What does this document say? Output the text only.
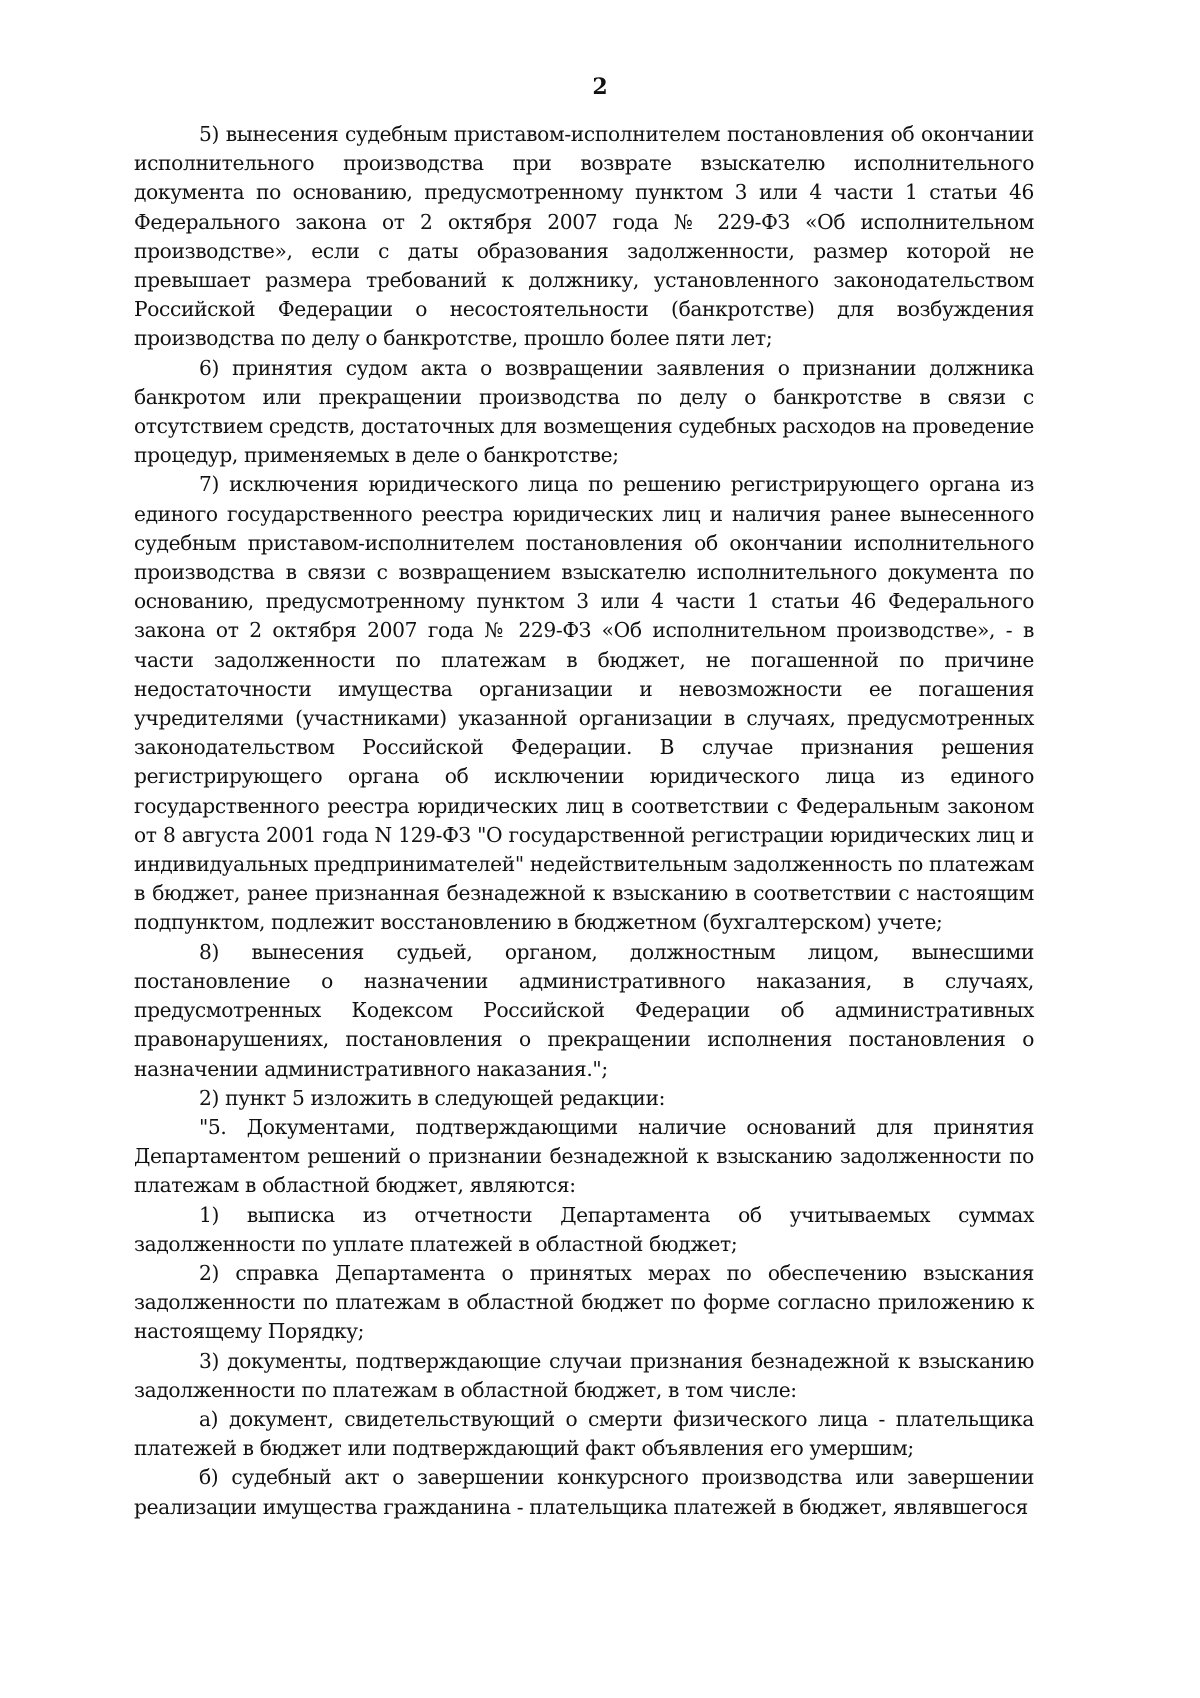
2

5) вынесения судебным приставом-исполнителем постановления об окончании исполнительного производства при возврате взыскателю исполнительного документа по основанию, предусмотренному пунктом 3 или 4 части 1 статьи 46 Федерального закона от 2 октября 2007 года № 229-ФЗ «Об исполнительном производстве», если с даты образования задолженности, размер которой не превышает размера требований к должнику, установленного законодательством Российской Федерации о несостоятельности (банкротстве) для возбуждения производства по делу о банкротстве, прошло более пяти лет;

6) принятия судом акта о возвращении заявления о признании должника банкротом или прекращении производства по делу о банкротстве в связи с отсутствием средств, достаточных для возмещения судебных расходов на проведение процедур, применяемых в деле о банкротстве;

7) исключения юридического лица по решению регистрирующего органа из единого государственного реестра юридических лиц и наличия ранее вынесенного судебным приставом-исполнителем постановления об окончании исполнительного производства в связи с возвращением взыскателю исполнительного документа по основанию, предусмотренному пунктом 3 или 4 части 1 статьи 46 Федерального закона от 2 октября 2007 года № 229-ФЗ «Об исполнительном производстве», - в части задолженности по платежам в бюджет, не погашенной по причине недостаточности имущества организации и невозможности ее погашения учредителями (участниками) указанной организации в случаях, предусмотренных законодательством Российской Федерации. В случае признания решения регистрирующего органа об исключении юридического лица из единого государственного реестра юридических лиц в соответствии с Федеральным законом от 8 августа 2001 года N 129-ФЗ "О государственной регистрации юридических лиц и индивидуальных предпринимателей" недействительным задолженность по платежам в бюджет, ранее признанная безнадежной к взысканию в соответствии с настоящим подпунктом, подлежит восстановлению в бюджетном (бухгалтерском) учете;

8) вынесения судьей, органом, должностным лицом, вынесшими постановление о назначении административного наказания, в случаях, предусмотренных Кодексом Российской Федерации об административных правонарушениях, постановления о прекращении исполнения постановления о назначении административного наказания.";

2) пункт 5 изложить в следующей редакции:

"5. Документами, подтверждающими наличие оснований для принятия Департаментом решений о признании безнадежной к взысканию задолженности по платежам в областной бюджет, являются:

1) выписка из отчетности Департамента об учитываемых суммах задолженности по уплате платежей в областной бюджет;

2) справка Департамента о принятых мерах по обеспечению взыскания задолженности по платежам в областной бюджет по форме согласно приложению к настоящему Порядку;

3) документы, подтверждающие случаи признания безнадежной к взысканию задолженности по платежам в областной бюджет, в том числе:

а) документ, свидетельствующий о смерти физического лица - плательщика платежей в бюджет или подтверждающий факт объявления его умершим;

б) судебный акт о завершении конкурсного производства или завершении реализации имущества гражданина - плательщика платежей в бюджет, являвшегося
